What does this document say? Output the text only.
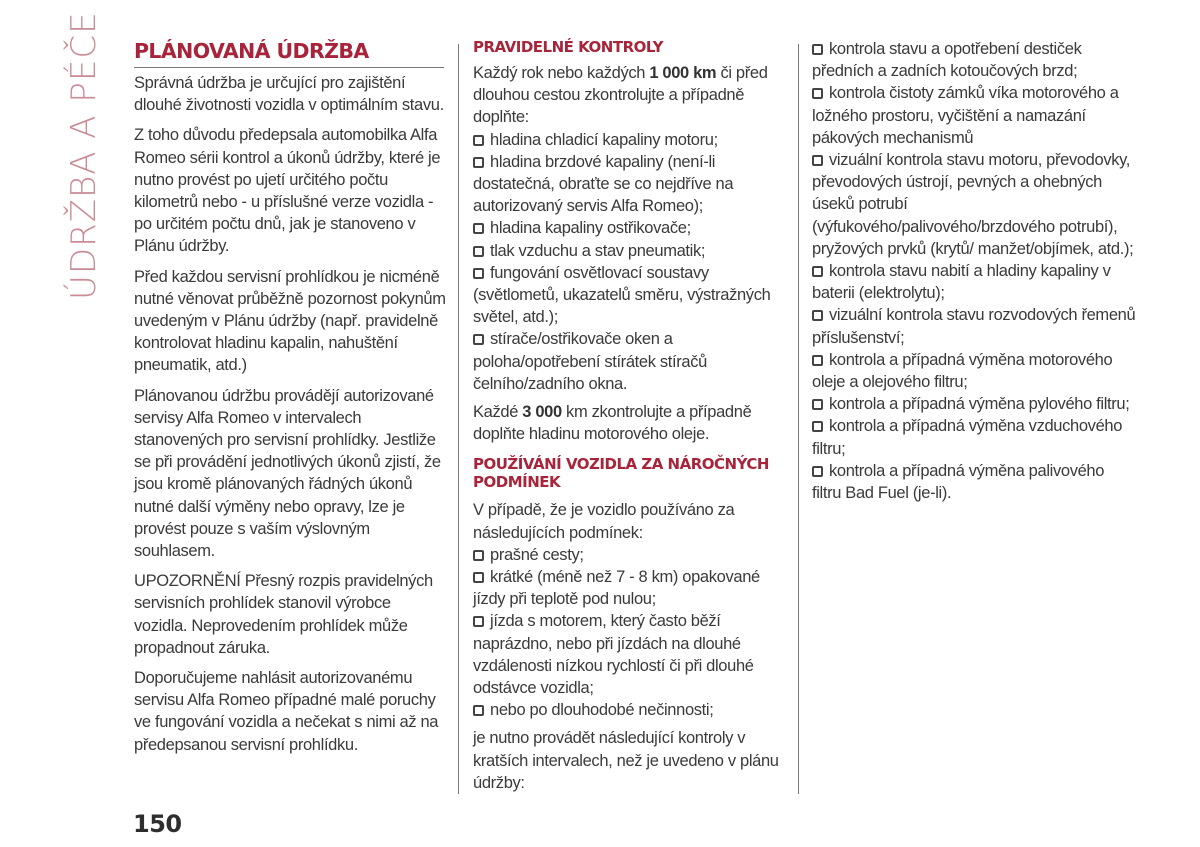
ÚDRŽBA A PÉČE PLÁNOVANÁ ÚDRŽBA

Správná údržba je určující pro zajištění dlouhé životnosti vozidla v optimálním stavu.

Z toho důvodu předepsala automobilka Alfa Romeo sérii kontrol a úkonů údržby, které je nutno provést po ujetí určitého počtu kilometrů nebo - u příslušné verze vozidla - po určitém počtu dnů, jak je stanoveno v Plánu údržby.

Před každou servisní prohlídkou je nicméně nutné věnovat průběžně pozornost pokynům uvedeným v Plánu údržby (např. pravidelně kontrolovat hladinu kapalin, nahuštění pneumatik, atd.)

Plánovanou údržbu provádějí autorizované servisy Alfa Romeo v intervalech stanovených pro servisní prohlídky. Jestliže se při provádění jednotlivých úkonů zjistí, že jsou kromě plánovaných řádných úkonů nutné další výměny nebo opravy, lze je provést pouze s vaším výslovným souhlasem.

UPOZORNĚNÍ Přesný rozpis pravidelných servisních prohlídek stanovil výrobce vozidla. Neprovedením prohlídek může propadnout záruka.

Doporučujeme nahlásit autorizovanému servisu Alfa Romeo případné malé poruchy ve fungování vozidla a nečekat s nimi až na předepsanou servisní prohlídku.

PRAVIDELNÉ KONTROLY

Každý rok nebo každých 1 000 km či před dlouhou cestou zkontrolujte a případně doplňte:

hladina chladicí kapaliny motoru;
hladina brzdové kapaliny (není-li dostatečná, obraťte se co nejdříve na autorizovaný servis Alfa Romeo);
hladina kapaliny ostřikovače;
tlak vzduchu a stav pneumatik;
fungování osvětlovací soustavy (světlometů, ukazatelů směru, výstražných světel, atd.);
stírače/ostřikovače oken a poloha/opotřebení stírátek stíračů čelního/zadního okna.

Každé 3 000 km zkontrolujte a případně doplňte hladinu motorového oleje.

POUŽÍVÁNÍ VOZIDLA ZA NÁROČNÝCH PODMÍNEK

V případě, že je vozidlo používáno za následujících podmínek:

prašné cesty;
krátké (méně než 7 - 8 km) opakované jízdy při teplotě pod nulou;
jízda s motorem, který často běží naprázdno, nebo při jízdách na dlouhé vzdálenosti nízkou rychlostí či při dlouhé odstávce vozidla;
nebo po dlouhodobé nečinnosti;

je nutno provádět následující kontroly v kratších intervalech, než je uvedeno v plánu údržby:

kontrola stavu a opotřebení destiček předních a zadních kotoučových brzd;
kontrola čistoty zámků víka motorového a ložného prostoru, vyčištění a namazání pákových mechanismů
vizuální kontrola stavu motoru, převodovky, převodových ústrojí, pevných a ohebných úseků potrubí (výfukového/palivového/brzdového potrubí), pryžových prvků (krytů/ manžet/objímek, atd.);
kontrola stavu nabití a hladiny kapaliny v baterii (elektrolytu);
vizuální kontrola stavu rozvodových řemenů příslušenství;
kontrola a případná výměna motorového oleje a olejového filtru;
kontrola a případná výměna pylového filtru;
kontrola a případná výměna vzduchového filtru;
kontrola a případná výměna palivového filtru Bad Fuel (je-li).
150
